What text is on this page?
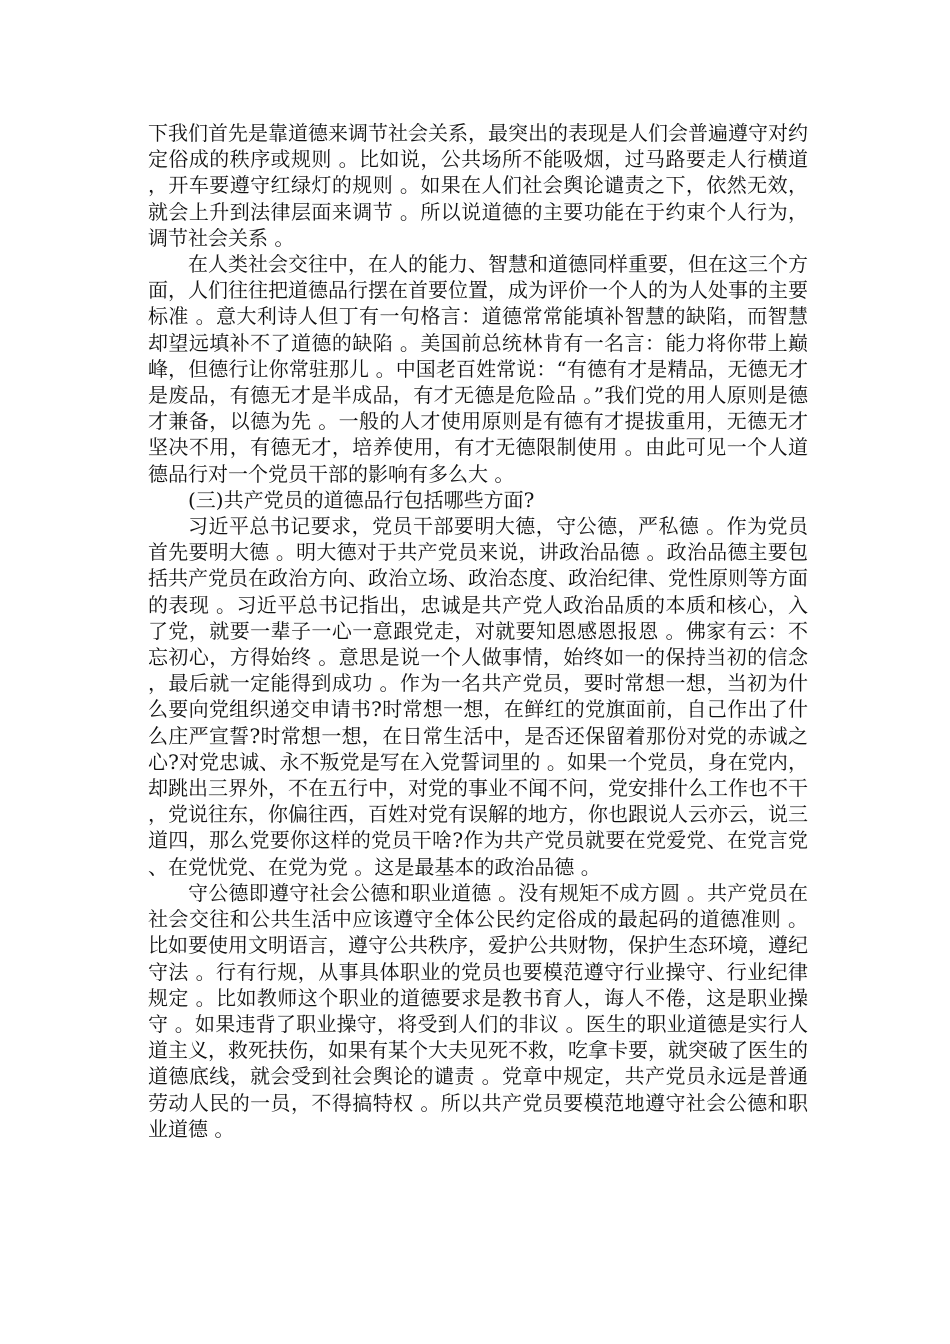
下我们首先是靠道德来调节社会关系，最突出的表现是人们会普遍遵守对约定俗成的秩序或规则 。比如说，公共场所不能吸烟，过马路要走人行横道，开车要遵守红绿灯的规则 。如果在人们社会舆论谴责之下，依然无效，就会上升到法律层面来调节 。所以说道德的主要功能在于约束个人行为，调节社会关系 。

在人类社会交往中，在人的能力、智慧和道德同样重要，但在这三个方面，人们往往把道德品行摆在首要位置，成为评价一个人的为人处事的主要标准 。意大利诗人但丁有一句格言：道德常常能填补智慧的缺陷，而智慧却望远填补不了道德的缺陷 。美国前总统林肯有一名言：能力将你带上巅峰，但德行让你常驻那儿 。中国老百姓常说：“有德有才是精品，无德无才是废品，有德无才是半成品，有才无德是危险品 。”我们党的用人原则是德才兼备，以德为先 。一般的人才使用原则是有德有才提拔重用，无德无才坚决不用，有德无才，培养使用，有才无德限制使用 。由此可见一个人道德品行对一个党员干部的影响有多么大 。

(三)共产党员的道德品行包括哪些方面?

习近平总书记要求，党员干部要明大德，守公德，严私德 。作为党员首先要明大德 。明大德对于共产党员来说，讲政治品德 。政治品德主要包括共产党员在政治方向、政治立场、政治态度、政治纪律、党性原则等方面的表现 。习近平总书记指出，忠诚是共产党人政治品质的本质和核心，入了党，就要一辈子一心一意跟党走，对就要知恩感恩报恩 。佛家有云：不忘初心，方得始终 。意思是说一个人做事情，始终如一的保持当初的信念，最后就一定能得到成功 。作为一名共产党员，要时常想一想，当初为什么要向党组织递交申请书?时常想一想，在鲜红的党旗面前，自己作出了什么庄严宣誓?时常想一想，在日常生活中，是否还保留着那份对党的赤诚之心?对党忠诚、永不叛党是写在入党誓词里的 。如果一个党员，身在党内，却跳出三界外，不在五行中，对党的事业不闻不问，党安排什么工作也不干，党说往东，你偏往西，百姓对党有误解的地方，你也跟说人云亦云，说三道四，那么党要你这样的党员干啥?作为共产党员就要在党爱党、在党言党、在党忧党、在党为党 。这是最基本的政治品德 。

守公德即遵守社会公德和职业道德 。没有规矩不成方圆 。共产党员在社会交往和公共生活中应该遵守全体公民约定俗成的最起码的道德准则 。比如要使用文明语言，遵守公共秩序，爱护公共财物，保护生态环境，遵纪守法 。行有行规，从事具体职业的党员也要模范遵守行业操守、行业纪律规定 。比如教师这个职业的道德要求是教书育人，诲人不倦，这是职业操守 。如果违背了职业操守，将受到人们的非议 。医生的职业道德是实行人道主义，救死扶伤，如果有某个大夫见死不救，吃拿卡要，就突破了医生的道德底线，就会受到社会舆论的谴责 。党章中规定，共产党员永远是普通劳动人民的一员，不得搞特权 。所以共产党员要模范地遵守社会公德和职业道德 。
